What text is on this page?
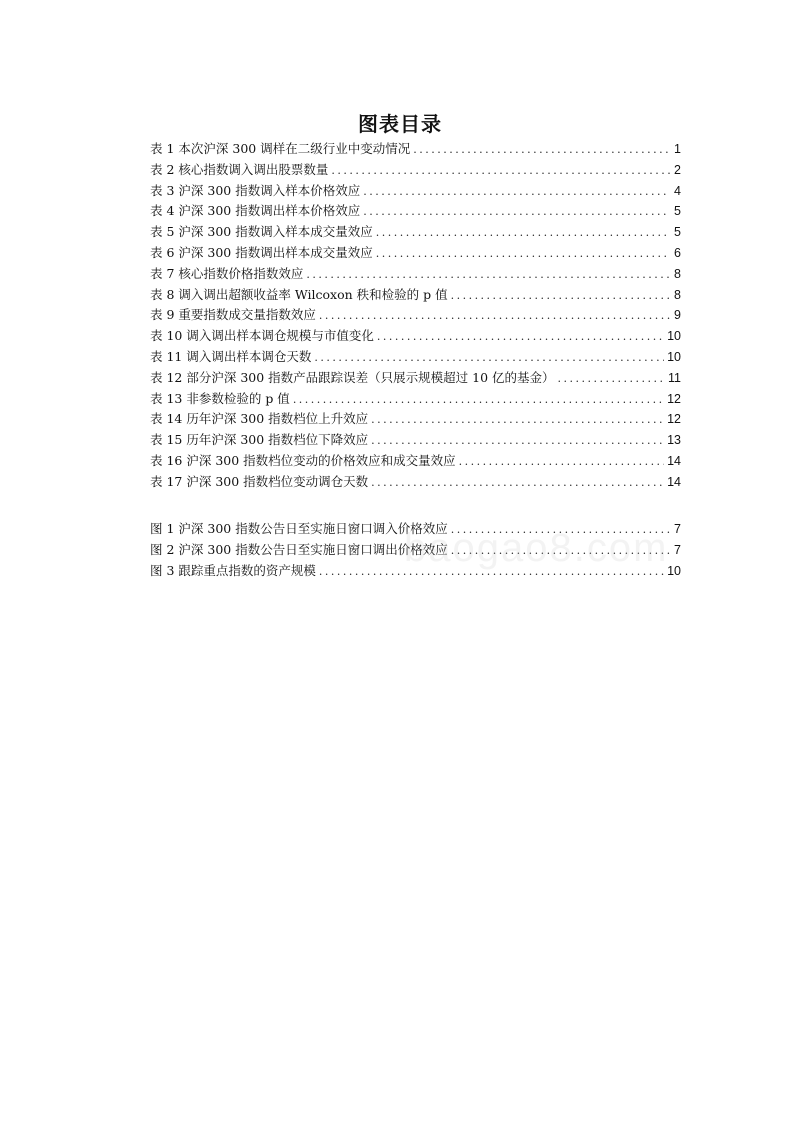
图表目录
表 1 本次沪深 300 调样在二级行业中变动情况 .....	1
表 2 核心指数调入调出股票数量 .....	2
表 3 沪深 300 指数调入样本价格效应 .....	4
表 4 沪深 300 指数调出样本价格效应 .....	5
表 5 沪深 300 指数调入样本成交量效应 .....	5
表 6 沪深 300 指数调出样本成交量效应 .....	6
表 7 核心指数价格指数效应 .....	8
表 8 调入调出超额收益率 Wilcoxon 秩和检验的 p 值 .....	8
表 9 重要指数成交量指数效应 .....	9
表 10 调入调出样本调仓规模与市值变化 .....	10
表 11 调入调出样本调仓天数 .....	10
表 12 部分沪深 300 指数产品跟踪误差（只展示规模超过 10 亿的基金） .....	11
表 13 非参数检验的 p 值 .....	12
表 14 历年沪深 300 指数档位上升效应 .....	12
表 15 历年沪深 300 指数档位下降效应 .....	13
表 16 沪深 300 指数档位变动的价格效应和成交量效应 .....	14
表 17 沪深 300 指数档位变动调仓天数 .....	14
图 1 沪深 300 指数公告日至实施日窗口调入价格效应 .....	7
图 2 沪深 300 指数公告日至实施日窗口调出价格效应 .....	7
图 3 跟踪重点指数的资产规模 .....	10
baogao8.com
